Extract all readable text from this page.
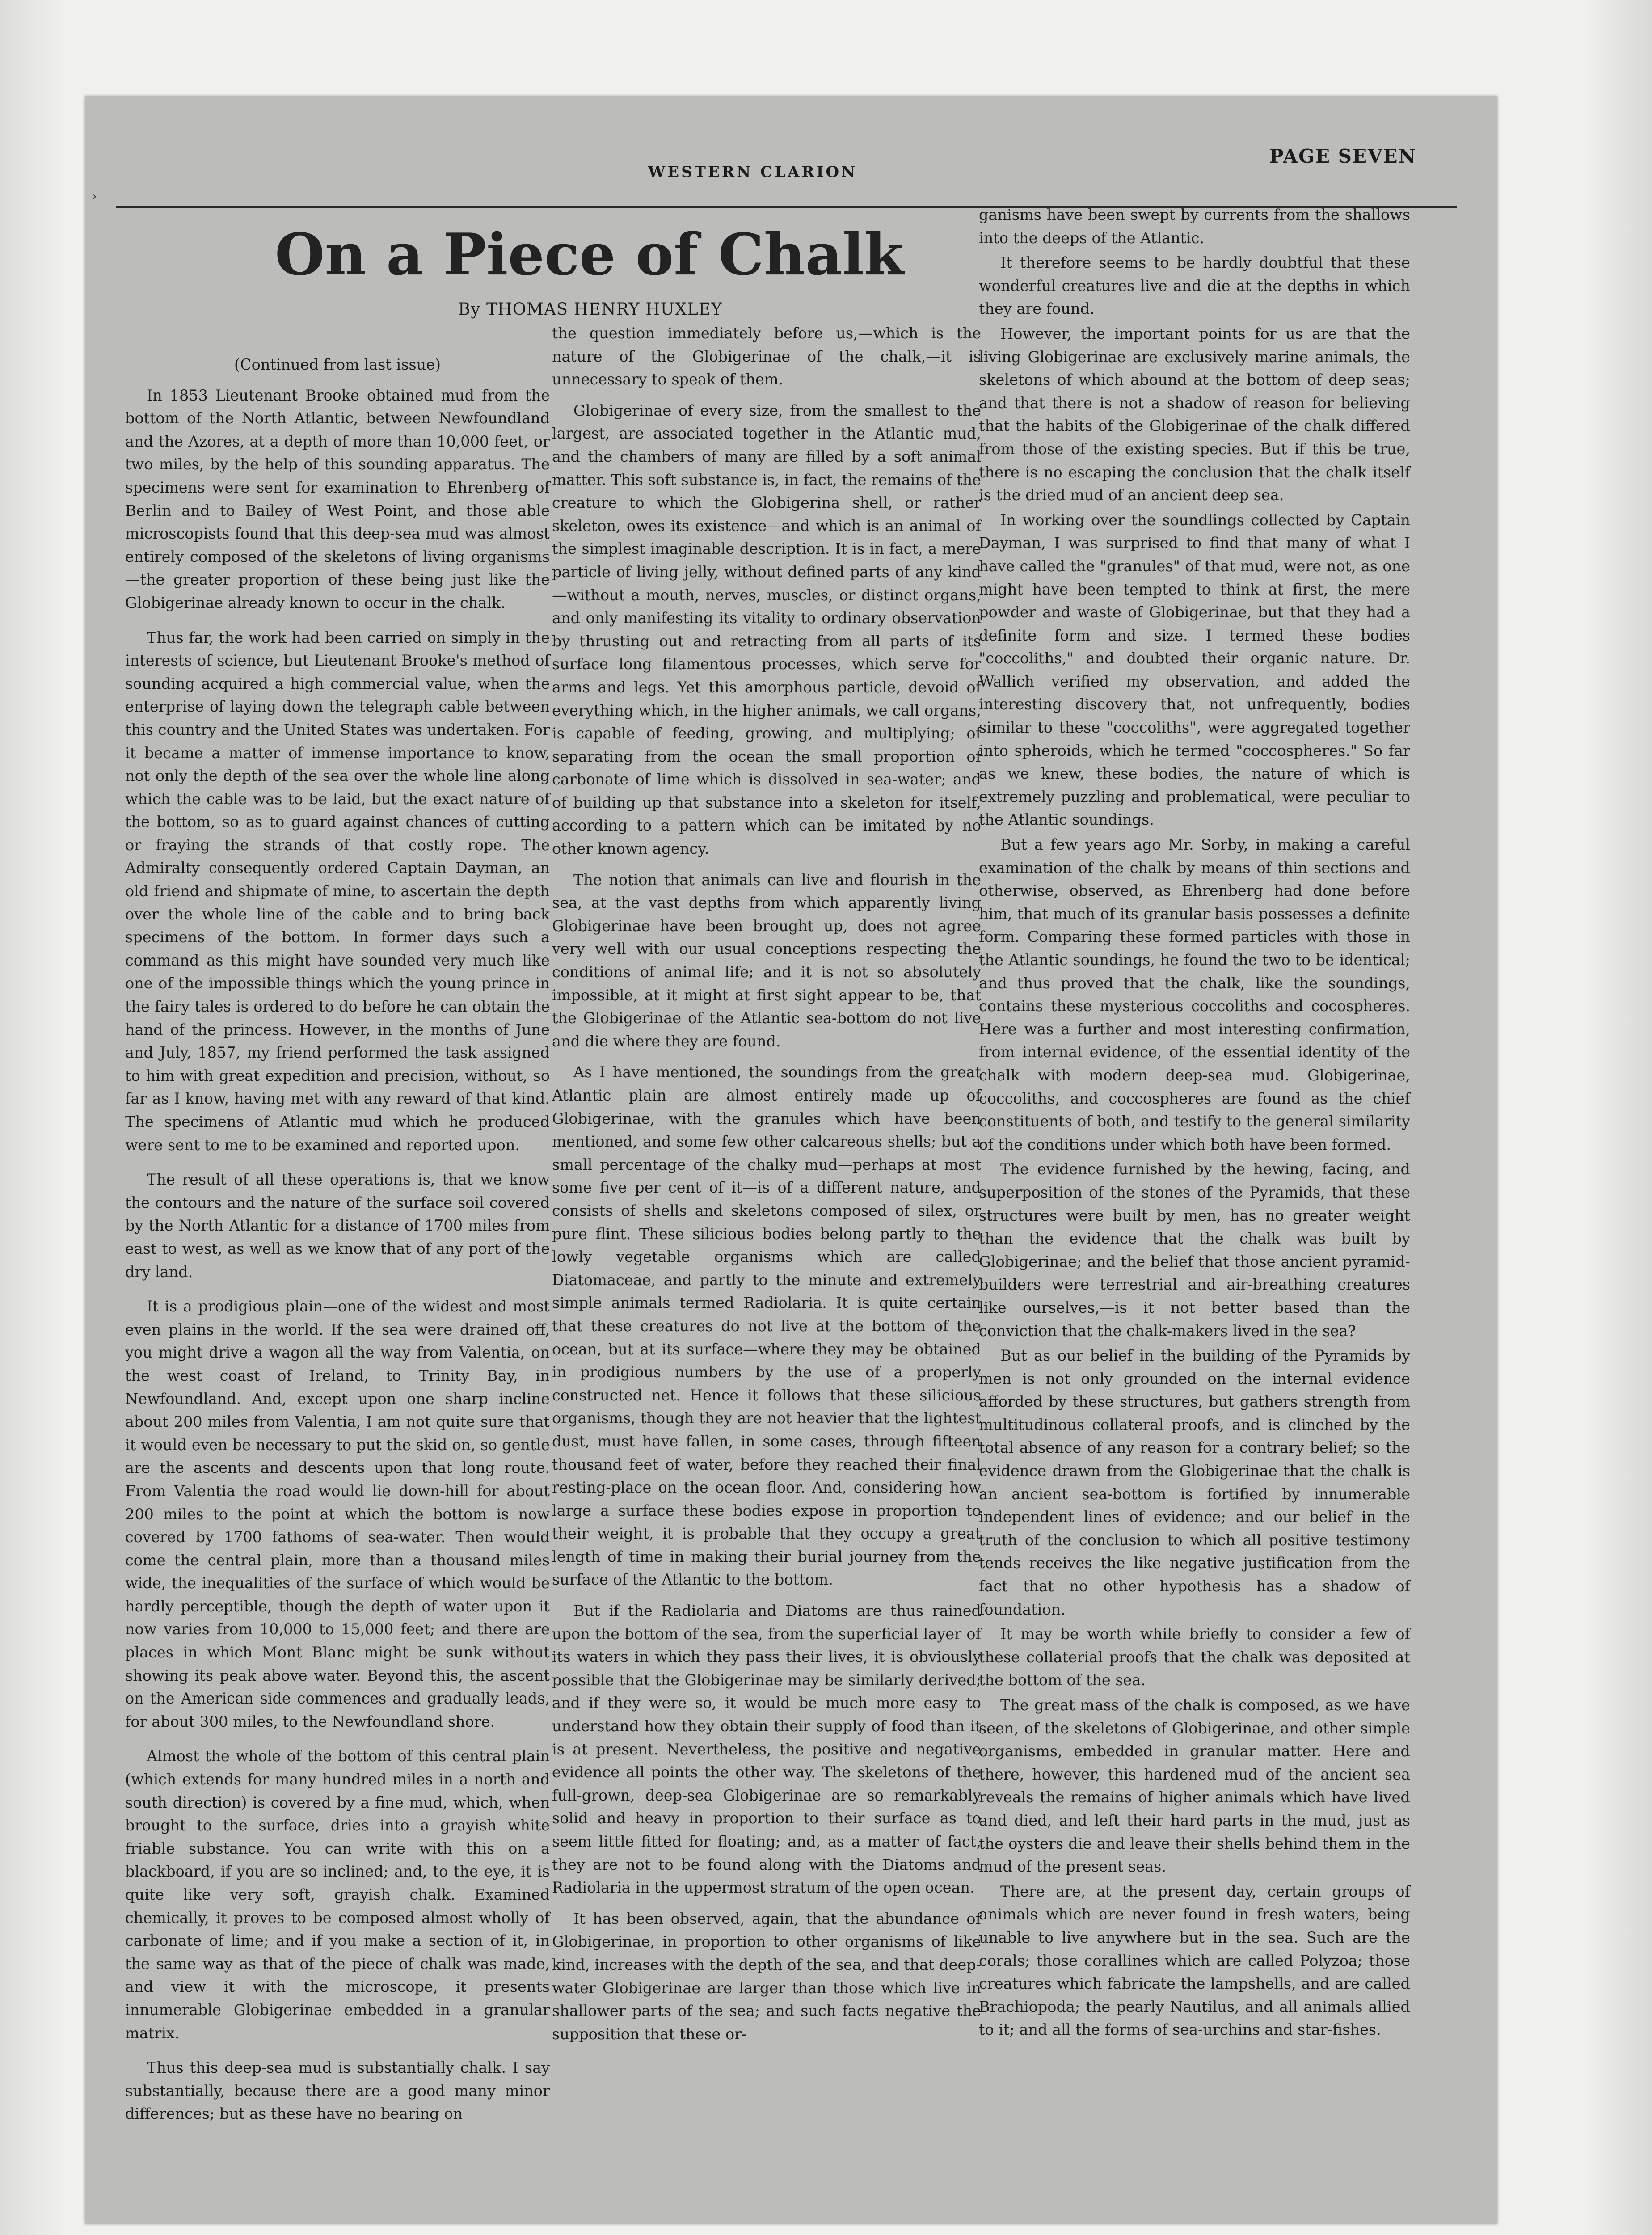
›
WESTERN CLARION
PAGE SEVEN
On a Piece of Chalk
By THOMAS HENRY HUXLEY
(Continued from last issue)

In 1853 Lieutenant Brooke obtained mud from the bottom of the North Atlantic, between Newfoundland and the Azores, at a depth of more than 10,000 feet, or two miles, by the help of this sounding apparatus. The specimens were sent for examination to Ehrenberg of Berlin and to Bailey of West Point, and those able microscopists found that this deep-sea mud was almost entirely composed of the skeletons of living organisms—the greater proportion of these being just like the Globigerinae already known to occur in the chalk.

Thus far, the work had been carried on simply in the interests of science, but Lieutenant Brooke's method of sounding acquired a high commercial value, when the enterprise of laying down the telegraph cable between this country and the United States was undertaken. For it became a matter of immense importance to know, not only the depth of the sea over the whole line along which the cable was to be laid, but the exact nature of the bottom, so as to guard against chances of cutting or fraying the strands of that costly rope. The Admiralty consequently ordered Captain Dayman, an old friend and shipmate of mine, to ascertain the depth over the whole line of the cable and to bring back specimens of the bottom. In former days such a command as this might have sounded very much like one of the impossible things which the young prince in the fairy tales is ordered to do before he can obtain the hand of the princess. However, in the months of June and July, 1857, my friend performed the task assigned to him with great expedition and precision, without, so far as I know, having met with any reward of that kind. The specimens of Atlantic mud which he produced were sent to me to be examined and reported upon.

The result of all these operations is, that we know the contours and the nature of the surface soil covered by the North Atlantic for a distance of 1700 miles from east to west, as well as we know that of any port of the dry land.

It is a prodigious plain—one of the widest and most even plains in the world. If the sea were drained off, you might drive a wagon all the way from Valentia, on the west coast of Ireland, to Trinity Bay, in Newfoundland. And, except upon one sharp incline about 200 miles from Valentia, I am not quite sure that it would even be necessary to put the skid on, so gentle are the ascents and descents upon that long route. From Valentia the road would lie down-hill for about 200 miles to the point at which the bottom is now covered by 1700 fathoms of sea-water. Then would come the central plain, more than a thousand miles wide, the inequalities of the surface of which would be hardly perceptible, though the depth of water upon it now varies from 10,000 to 15,000 feet; and there are places in which Mont Blanc might be sunk without showing its peak above water. Beyond this, the ascent on the American side commences and gradually leads, for about 300 miles, to the Newfoundland shore.

Almost the whole of the bottom of this central plain (which extends for many hundred miles in a north and south direction) is covered by a fine mud, which, when brought to the surface, dries into a grayish white friable substance. You can write with this on a blackboard, if you are so inclined; and, to the eye, it is quite like very soft, grayish chalk. Examined chemically, it proves to be composed almost wholly of carbonate of lime; and if you make a section of it, in the same way as that of the piece of chalk was made, and view it with the microscope, it presents innumerable Globigerinae embedded in a granular matrix.

Thus this deep-sea mud is substantially chalk. I say substantially, because there are a good many minor differences; but as these have no bearing on

the question immediately before us,—which is the nature of the Globigerinae of the chalk,—it is unnecessary to speak of them.

Globigerinae of every size, from the smallest to the largest, are associated together in the Atlantic mud, and the chambers of many are filled by a soft animal matter. This soft substance is, in fact, the remains of the creature to which the Globigerina shell, or rather skeleton, owes its existence—and which is an animal of the simplest imaginable description. It is in fact, a mere particle of living jelly, without defined parts of any kind—without a mouth, nerves, muscles, or distinct organs, and only manifesting its vitality to ordinary observation by thrusting out and retracting from all parts of its surface long filamentous processes, which serve for arms and legs. Yet this amorphous particle, devoid of everything which, in the higher animals, we call organs, is capable of feeding, growing, and multiplying; of separating from the ocean the small proportion of carbonate of lime which is dissolved in sea-water; and of building up that substance into a skeleton for itself, according to a pattern which can be imitated by no other known agency.

The notion that animals can live and flourish in the sea, at the vast depths from which apparently living Globigerinae have been brought up, does not agree very well with our usual conceptions respecting the conditions of animal life; and it is not so absolutely impossible, at it might at first sight appear to be, that the Globigerinae of the Atlantic sea-bottom do not live and die where they are found.

As I have mentioned, the soundings from the great Atlantic plain are almost entirely made up of Globigerinae, with the granules which have been mentioned, and some few other calcareous shells; but a small percentage of the chalky mud—perhaps at most some five per cent of it—is of a different nature, and consists of shells and skeletons composed of silex, or pure flint. These silicious bodies belong partly to the lowly vegetable organisms which are called Diatomaceae, and partly to the minute and extremely simple animals termed Radiolaria. It is quite certain that these creatures do not live at the bottom of the ocean, but at its surface—where they may be obtained in prodigious numbers by the use of a properly constructed net. Hence it follows that these silicious organisms, though they are not heavier that the lightest dust, must have fallen, in some cases, through fifteen thousand feet of water, before they reached their final resting-place on the ocean floor. And, considering how large a surface these bodies expose in proportion to their weight, it is probable that they occupy a great length of time in making their burial journey from the surface of the Atlantic to the bottom.

But if the Radiolaria and Diatoms are thus rained upon the bottom of the sea, from the superficial layer of its waters in which they pass their lives, it is obviously possible that the Globigerinae may be similarly derived; and if they were so, it would be much more easy to understand how they obtain their supply of food than it is at present. Nevertheless, the positive and negative evidence all points the other way. The skeletons of the full-grown, deep-sea Globigerinae are so remarkably solid and heavy in proportion to their surface as to seem little fitted for floating; and, as a matter of fact, they are not to be found along with the Diatoms and Radiolaria in the uppermost stratum of the open ocean.

It has been observed, again, that the abundance of Globigerinae, in proportion to other organisms of like kind, increases with the depth of the sea, and that deep-water Globigerinae are larger than those which live in shallower parts of the sea; and such facts negative the supposition that these or-

ganisms have been swept by currents from the shallows into the deeps of the Atlantic.

It therefore seems to be hardly doubtful that these wonderful creatures live and die at the depths in which they are found.

However, the important points for us are that the living Globigerinae are exclusively marine animals, the skeletons of which abound at the bottom of deep seas; and that there is not a shadow of reason for believing that the habits of the Globigerinae of the chalk differed from those of the existing species. But if this be true, there is no escaping the conclusion that the chalk itself is the dried mud of an ancient deep sea.

In working over the soundlings collected by Captain Dayman, I was surprised to find that many of what I have called the "granules" of that mud, were not, as one might have been tempted to think at first, the mere powder and waste of Globigerinae, but that they had a definite form and size. I termed these bodies "coccoliths," and doubted their organic nature. Dr. Wallich verified my observation, and added the interesting discovery that, not unfrequently, bodies similar to these "coccoliths", were aggregated together into spheroids, which he termed "coccospheres." So far as we knew, these bodies, the nature of which is extremely puzzling and problematical, were peculiar to the Atlantic soundings.

But a few years ago Mr. Sorby, in making a careful examination of the chalk by means of thin sections and otherwise, observed, as Ehrenberg had done before him, that much of its granular basis possesses a definite form. Comparing these formed particles with those in the Atlantic soundings, he found the two to be identical; and thus proved that the chalk, like the soundings, contains these mysterious coccoliths and cocospheres. Here was a further and most interesting confirmation, from internal evidence, of the essential identity of the chalk with modern deep-sea mud. Globigerinae, coccoliths, and coccospheres are found as the chief constituents of both, and testify to the general similarity of the conditions under which both have been formed.

The evidence furnished by the hewing, facing, and superposition of the stones of the Pyramids, that these structures were built by men, has no greater weight than the evidence that the chalk was built by Globigerinae; and the belief that those ancient pyramid-builders were terrestrial and air-breathing creatures like ourselves,—is it not better based than the conviction that the chalk-makers lived in the sea?

But as our belief in the building of the Pyramids by men is not only grounded on the internal evidence afforded by these structures, but gathers strength from multitudinous collateral proofs, and is clinched by the total absence of any reason for a contrary belief; so the evidence drawn from the Globigerinae that the chalk is an ancient sea-bottom is fortified by innumerable independent lines of evidence; and our belief in the truth of the conclusion to which all positive testimony tends receives the like negative justification from the fact that no other hypothesis has a shadow of foundation.

It may be worth while briefly to consider a few of these collaterial proofs that the chalk was deposited at the bottom of the sea.

The great mass of the chalk is composed, as we have seen, of the skeletons of Globigerinae, and other simple organisms, embedded in granular matter. Here and there, however, this hardened mud of the ancient sea reveals the remains of higher animals which have lived and died, and left their hard parts in the mud, just as the oysters die and leave their shells behind them in the mud of the present seas.

There are, at the present day, certain groups of animals which are never found in fresh waters, being unable to live anywhere but in the sea. Such are the corals; those corallines which are called Polyzoa; those creatures which fabricate the lampshells, and are called Brachiopoda; the pearly Nautilus, and all animals allied to it; and all the forms of sea-urchins and star-fishes.
